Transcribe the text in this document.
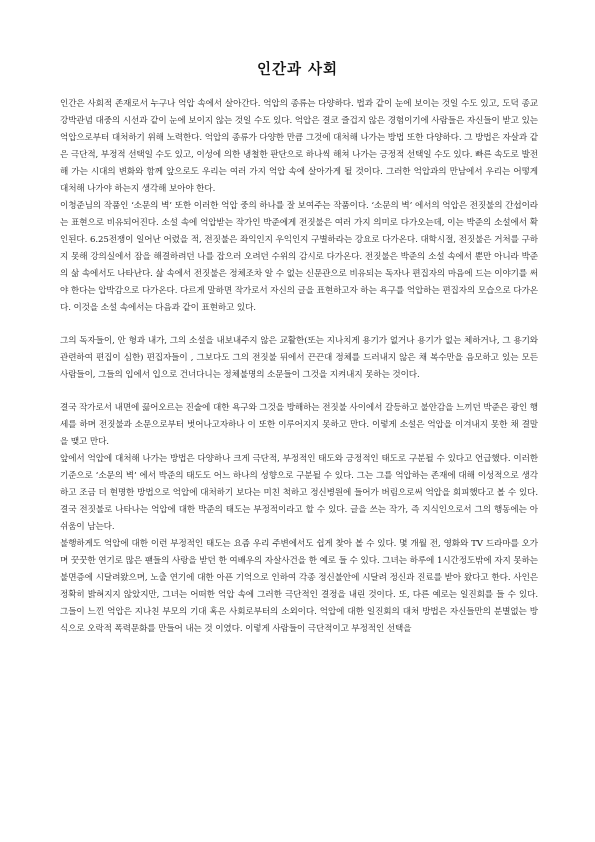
인간과 사회

인간은 사회적 존재로서 누구나 억압 속에서 살아간다. 억압의 종류는 다양하다. 법과 같이 눈에 보이는 것일 수도 있고, 도덕 종교 강박관념 대중의 시선과 같이 눈에 보이지 않는 것일 수도 있다. 억압은 결코 즐겁지 않은 경험이기에 사람들은 자신들이 받고 있는 억압으로부터 대처하기 위해 노력한다. 억압의 종류가 다양한 만큼 그것에 대처해 나가는 방법 또한 다양하다. 그 방법은 자살과 같은 극단적, 부정적 선택일 수도 있고, 이성에 의한 냉철한 판단으로 하나씩 해쳐 나가는 긍정적 선택일 수도 있다. 빠른 속도로 발전해 가는 시대의 변화와 함께 앞으로도 우리는 여러 가지 억압 속에 살아가게 될 것이다. 그러한 억압과의 만남에서 우리는 어떻게 대처해 나가야 하는지 생각해 보아야 한다.

이청준님의 작품인 ‘소문의 벽’ 또한 이러한 억압 중의 하나를 잘 보여주는 작품이다. ‘소문의 벽’ 에서의 억압은 전짓불의 간섭이라는 표현으로 비유되어진다. 소설 속에 억압받는 작가인 박준에게 전짓불은 여러 가지 의미로 다가오는데, 이는 박준의 소설에서 확인된다. 6.25전쟁이 일어난 어렸을 적, 전짓불은 좌익인지 우익인지 구별하라는 강요로 다가온다. 대학시절, 전짓불은 거처를 구하지 못해 강의실에서 잠을 해결하려던 나를 잡으러 오려던 수위의 감시로 다가온다. 전짓불은 박준의 소설 속에서 뿐만 아니라 박준의 삶 속에서도 나타난다. 삶 속에서 전짓불은 정체조차 알 수 없는 신문관으로 비유되는 독자나 편집자의 마음에 드는 이야기를 써야 한다는 압박감으로 다가온다. 다르게 말하면 작가로서 자신의 글을 표현하고자 하는 욕구를 억압하는 편집자의 모습으로 다가온다. 이것을 소설 속에서는 다음과 같이 표현하고 있다.

그의 독자들이, 안 형과 내가, 그의 소설을 내보내주지 않은 교활한(또는 지나치게 용기가 없거나 용기가 없는 체하거나, 그 용기와 관련하여 편집이 심한) 편집자들이 , 그보다도 그의 전짓불 뒤에서 끈끈대 정체를 드러내지 않은 채 복수만을 음모하고 있는 모든 사람들이, 그들의 입에서 입으로 건너다니는 정체불명의 소문들이 그것을 지켜내지 못하는 것이다.

결국 작가로서 내면에 끓어오르는 진술에 대한 욕구와 그것을 방해하는 전짓불 사이에서 갈등하고 불안감을 느끼던 박준은 광인 행세를 하며 전짓불과 소문으로부터 벗어나고자하나 이 또한 이루어지지 못하고 만다. 이렇게 소설은 억압을 이겨내지 못한 채 결말을 맺고 만다.

앞에서 억압에 대처해 나가는 방법은 다양하나 크게 극단적, 부정적인 태도와 긍정적인 태도로 구분될 수 있다고 언급했다. 이러한 기준으로 ‘소문의 벽’ 에서 박준의 태도도 어느 하나의 성향으로 구분될 수 있다. 그는 그를 억압하는 존재에 대해 이성적으로 생각하고 조금 더 현명한 방법으로 억압에 대처하기 보다는 미친 척하고 정신병원에 들어가 버림으로써 억압을 회피했다고 볼 수 있다. 결국 전짓불로 나타나는 억압에 대한 박준의 태도는 부정적이라고 할 수 있다. 글을 쓰는 작가, 즉 지식인으로서 그의 행동에는 아쉬움이 남는다.

불행하게도 억압에 대한 이런 부정적인 태도는 요즘 우리 주변에서도 쉽게 찾아 볼 수 있다. 몇 개월 전, 영화와 TV 드라마를 오가며 꿋꿋한 연기로 많은 팬들의 사랑을 받던 한 여배우의 자살사건을 한 예로 들 수 있다. 그녀는 하루에 1시간정도밖에 자지 못하는 불면증에 시달려왔으며, 노출 연기에 대한 아픈 기억으로 인하여 각종 정신불안에 시달려 정신과 진료를 받아 왔다고 한다. 사인은 정확히 밝혀지지 않았지만, 그녀는 어떠한 억압 속에 그러한 극단적인 결정을 내린 것이다. 또, 다른 예로는 일진회를 들 수 있다. 그들이 느낀 억압은 지나친 부모의 기대 혹은 사회로부터의 소외이다. 억압에 대한 일진회의 대처 방법은 자신들만의 분별없는 방식으로 오락적 폭력문화를 만들어 내는 것 이였다. 이렇게 사람들이 극단적이고 부정적인 선택을
